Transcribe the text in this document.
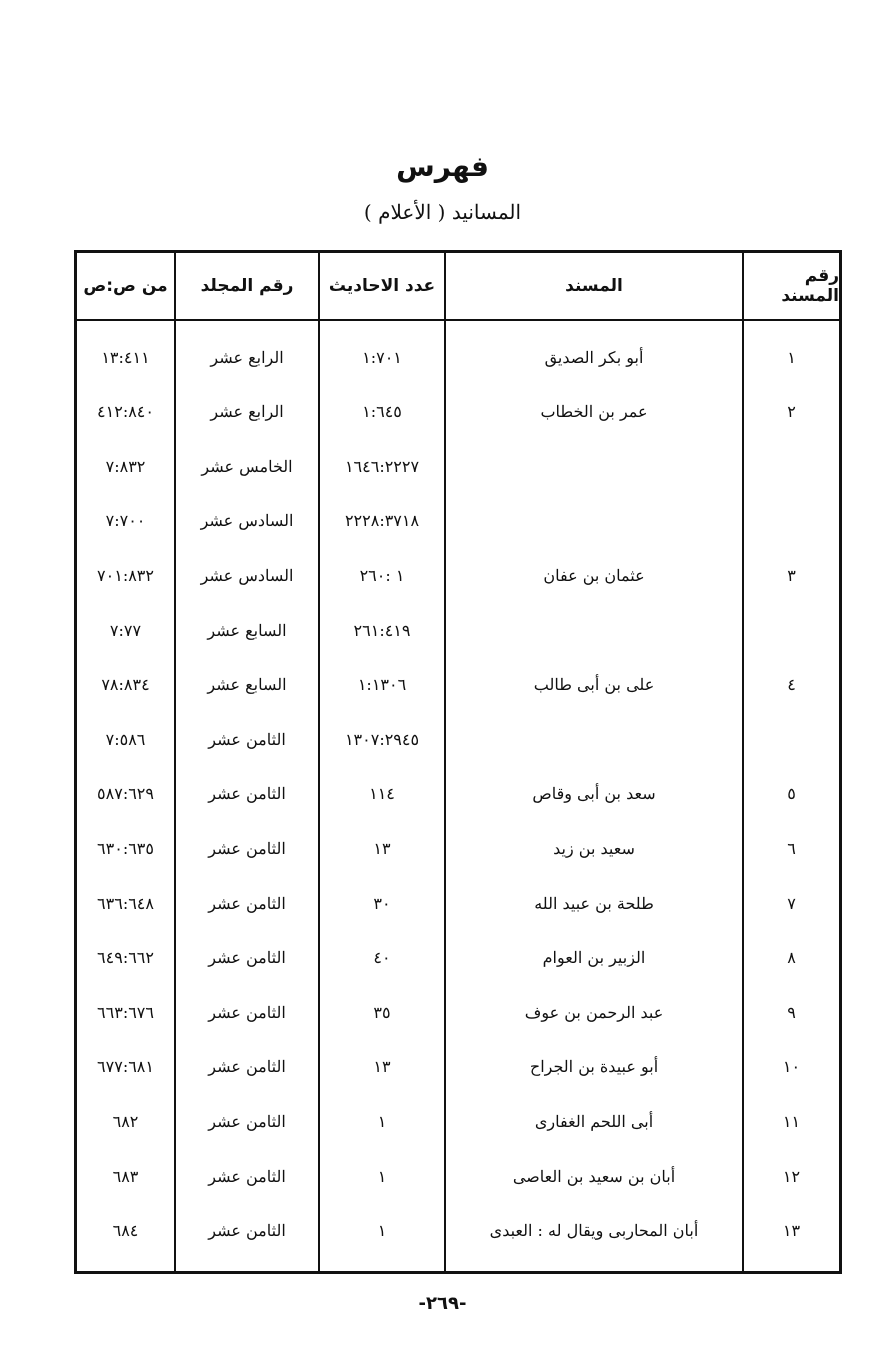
فهرس
المسانيد ( الأعلام )
من ص:ص	رقم المجلد	عدد الاحاديث	المسند	رقم المسند
١٣:٤١١	الرابع عشر	١:٧٠١	أبو بكر الصديق	١
٤١٢:٨٤٠	الرابع عشر	١:٦٤٥	عمر بن الخطاب	٢
٧:٨٣٢	الخامس عشر	١٦٤٦:٢٢٢٧
٧:٧٠٠	السادس عشر	٢٢٢٨:٣٧١٨
٧٠١:٨٣٢	السادس عشر	١ :٢٦٠	عثمان بن عفان	٣
٧:٧٧	السابع عشر	٢٦١:٤١٩
٧٨:٨٣٤	السابع عشر	١:١٣٠٦	على بن أبى طالب	٤
٧:٥٨٦	الثامن عشر	١٣٠٧:٢٩٤٥
٥٨٧:٦٢٩	الثامن عشر	١١٤	سعد بن أبى وقاص	٥
٦٣٠:٦٣٥	الثامن عشر	١٣	سعيد بن زيد	٦
٦٣٦:٦٤٨	الثامن عشر	٣٠	طلحة بن عبيد الله	٧
٦٤٩:٦٦٢	الثامن عشر	٤٠	الزبير بن العوام	٨
٦٦٣:٦٧٦	الثامن عشر	٣٥	عبد الرحمن بن عوف	٩
٦٧٧:٦٨١	الثامن عشر	١٣	أبو عبيدة بن الجراح	١٠
٦٨٢	الثامن عشر	١	أبى اللحم الغفارى	١١
٦٨٣	الثامن عشر	١	أبان بن سعيد بن العاصى	١٢
٦٨٤	الثامن عشر	١	أبان المحاربى ويقال له : العبدى	١٣
-٢٦٩-
